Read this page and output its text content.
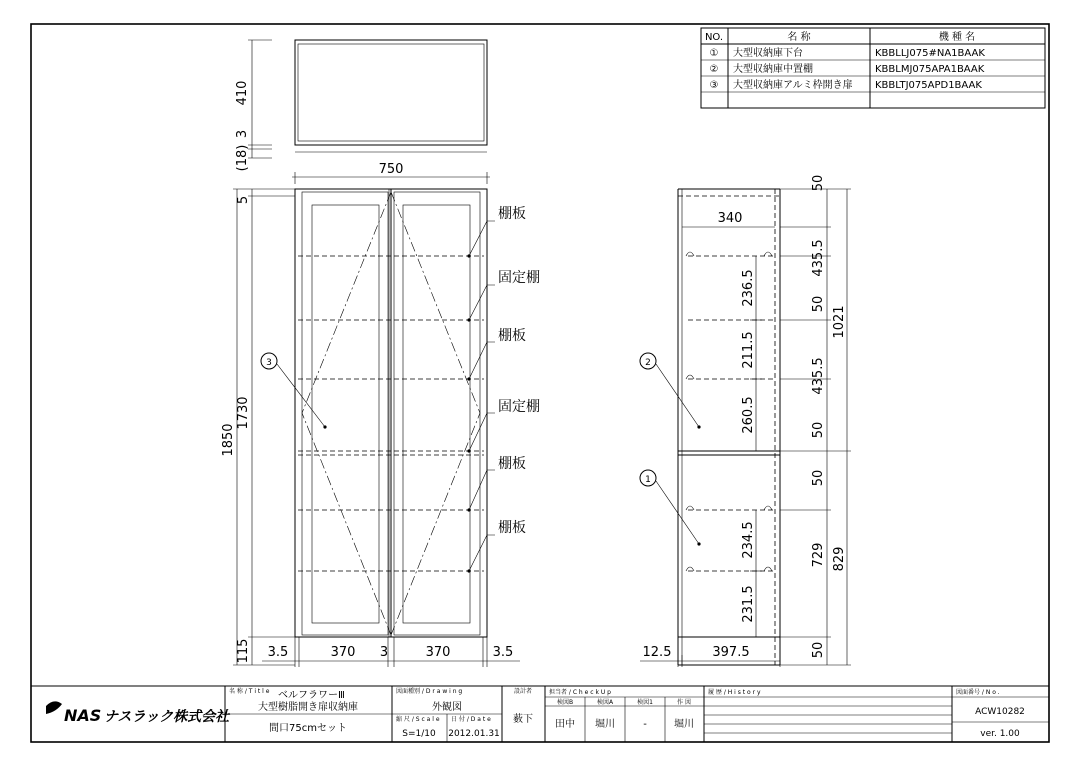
NO.	名 称	機 種 名
① 大型収納庫下台	KBBLLJ075#NA1BAAK
② 大型収納庫中置棚	KBBLMJ075APA1BAAK
③ 大型収納庫アルミ枠開き扉 KBBLTJ075APD1BAAK
410
3
(18)	750
5
1730
1850
115 3.5	370 3	370	3.5
3
棚板
固定棚
棚板
固定棚
棚板
棚板
340
236.5
211.5
260.5
234.5
231.5
50
435.5
50
435.5
50
50
729
50
1021
829
12.5	397.5
2
1
NAS ナスラック株式会社
名 称 / T i t l e ベルフラワーⅢ
大型樹脂開き扉収納庫
間口75cmセット
図面種別 / D r a w i n g
外観図
縮 尺 / S c a l e
S=1/10
日 付 / D a t e
2012.01.31
設計者
薮下
担当者 / C h e c k U p
検図B	検図A	検図1	作 図
田中 堀川	-	堀川
履 歴 / H i s t o r y	図面番号 / N o .
ACW10282
ver. 1.00
